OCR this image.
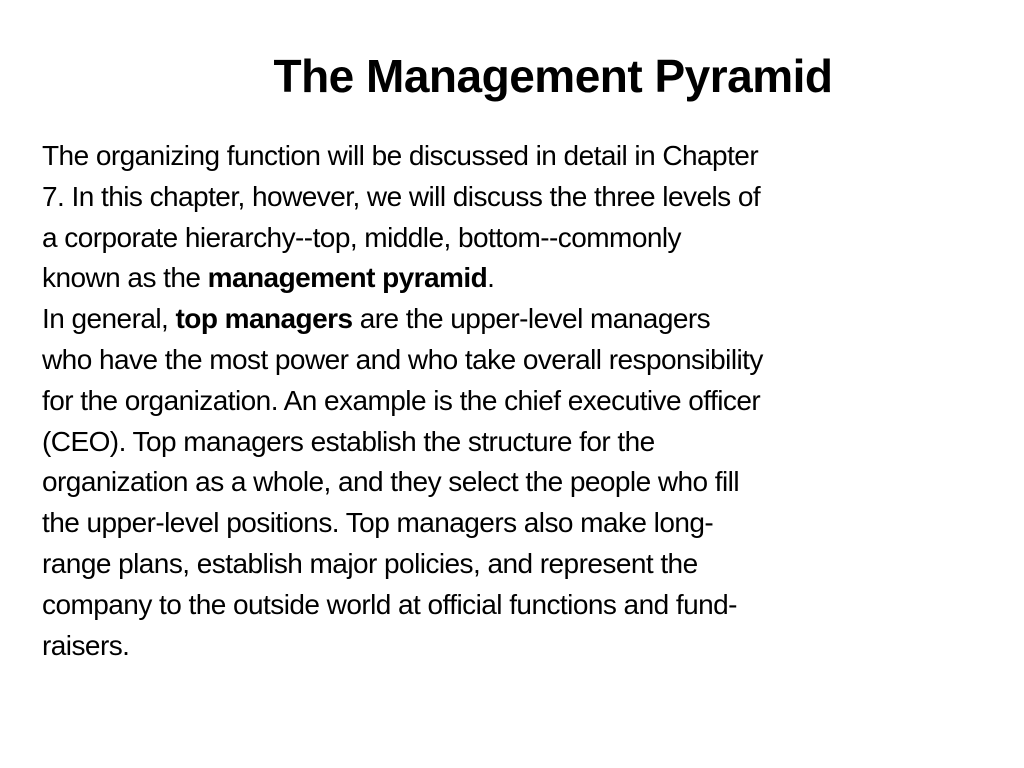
The Management Pyramid

The organizing function will be discussed in detail in Chapter
7. In this chapter, however, we will discuss the three levels of
a corporate hierarchy--top, middle, bottom--commonly
known as the management pyramid.

In general, top managers are the upper-level managers
who have the most power and who take overall responsibility
for the organization. An example is the chief executive officer
(CEO). Top managers establish the structure for the
organization as a whole, and they select the people who fill
the upper-level positions. Top managers also make long-
range plans, establish major policies, and represent the
company to the outside world at official functions and fund-
raisers.
